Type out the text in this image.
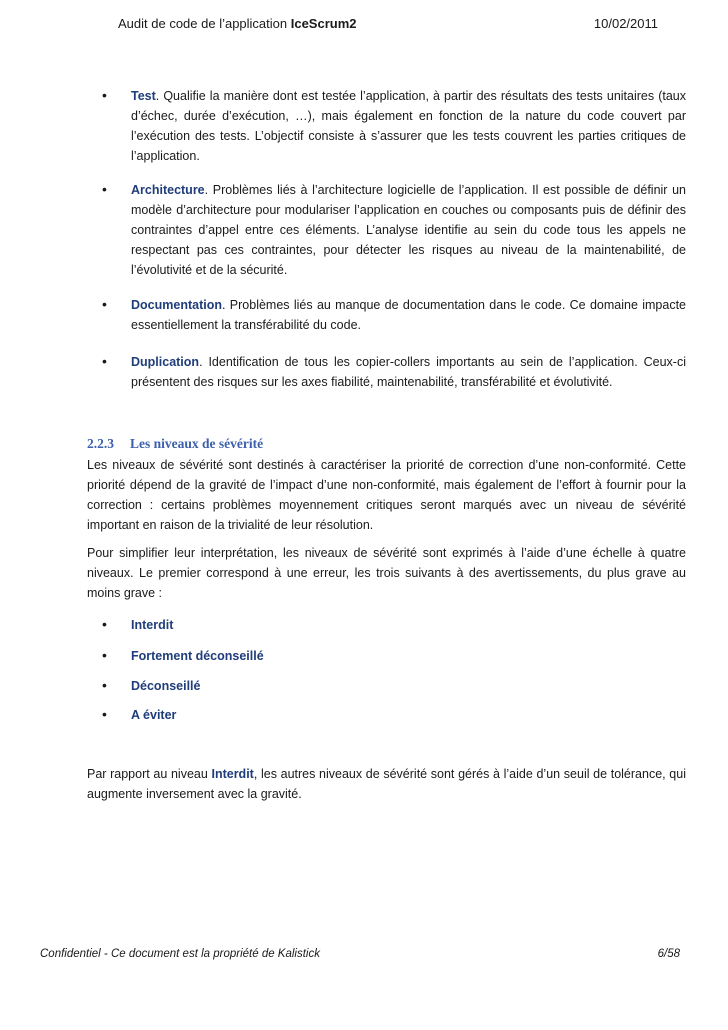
Audit de code de l’application IceScrum2	10/02/2011
•	Test. Qualifie la manière dont est testée l’application, à partir des résultats des tests unitaires (taux d’échec, durée d’exécution, …), mais également en fonction de la nature du code couvert par l’exécution des tests. L’objectif consiste à s’assurer que les tests couvrent les parties critiques de l’application.
•	Architecture. Problèmes liés à l’architecture logicielle de l’application. Il est possible de définir un modèle d’architecture pour modulariser l’application en couches ou composants puis de définir des contraintes d’appel entre ces éléments. L’analyse identifie au sein du code tous les appels ne respectant pas ces contraintes, pour détecter les risques au niveau de la maintenabilité, de l’évolutivité et de la sécurité.
•	Documentation. Problèmes liés au manque de documentation dans le code. Ce domaine impacte essentiellement la transférabilité du code.
•	Duplication. Identification de tous les copier-collers importants au sein de l’application. Ceux-ci présentent des risques sur les axes fiabilité, maintenabilité, transférabilité et évolutivité.
2.2.3 Les niveaux de sévérité
Les niveaux de sévérité sont destinés à caractériser la priorité de correction d’une non-conformité. Cette priorité dépend de la gravité de l’impact d’une non-conformité, mais également de l’effort à fournir pour la correction : certains problèmes moyennement critiques seront marqués avec un niveau de sévérité important en raison de la trivialité de leur résolution.
Pour simplifier leur interprétation, les niveaux de sévérité sont exprimés à l’aide d’une échelle à quatre niveaux. Le premier correspond à une erreur, les trois suivants à des avertissements, du plus grave au moins grave :
•	Interdit
•	Fortement déconseillé
•	Déconseillé
•	A éviter
Par rapport au niveau Interdit, les autres niveaux de sévérité sont gérés à l’aide d’un seuil de tolérance, qui augmente inversement avec la gravité.
Confidentiel - Ce document est la propriété de Kalistick	6/58
